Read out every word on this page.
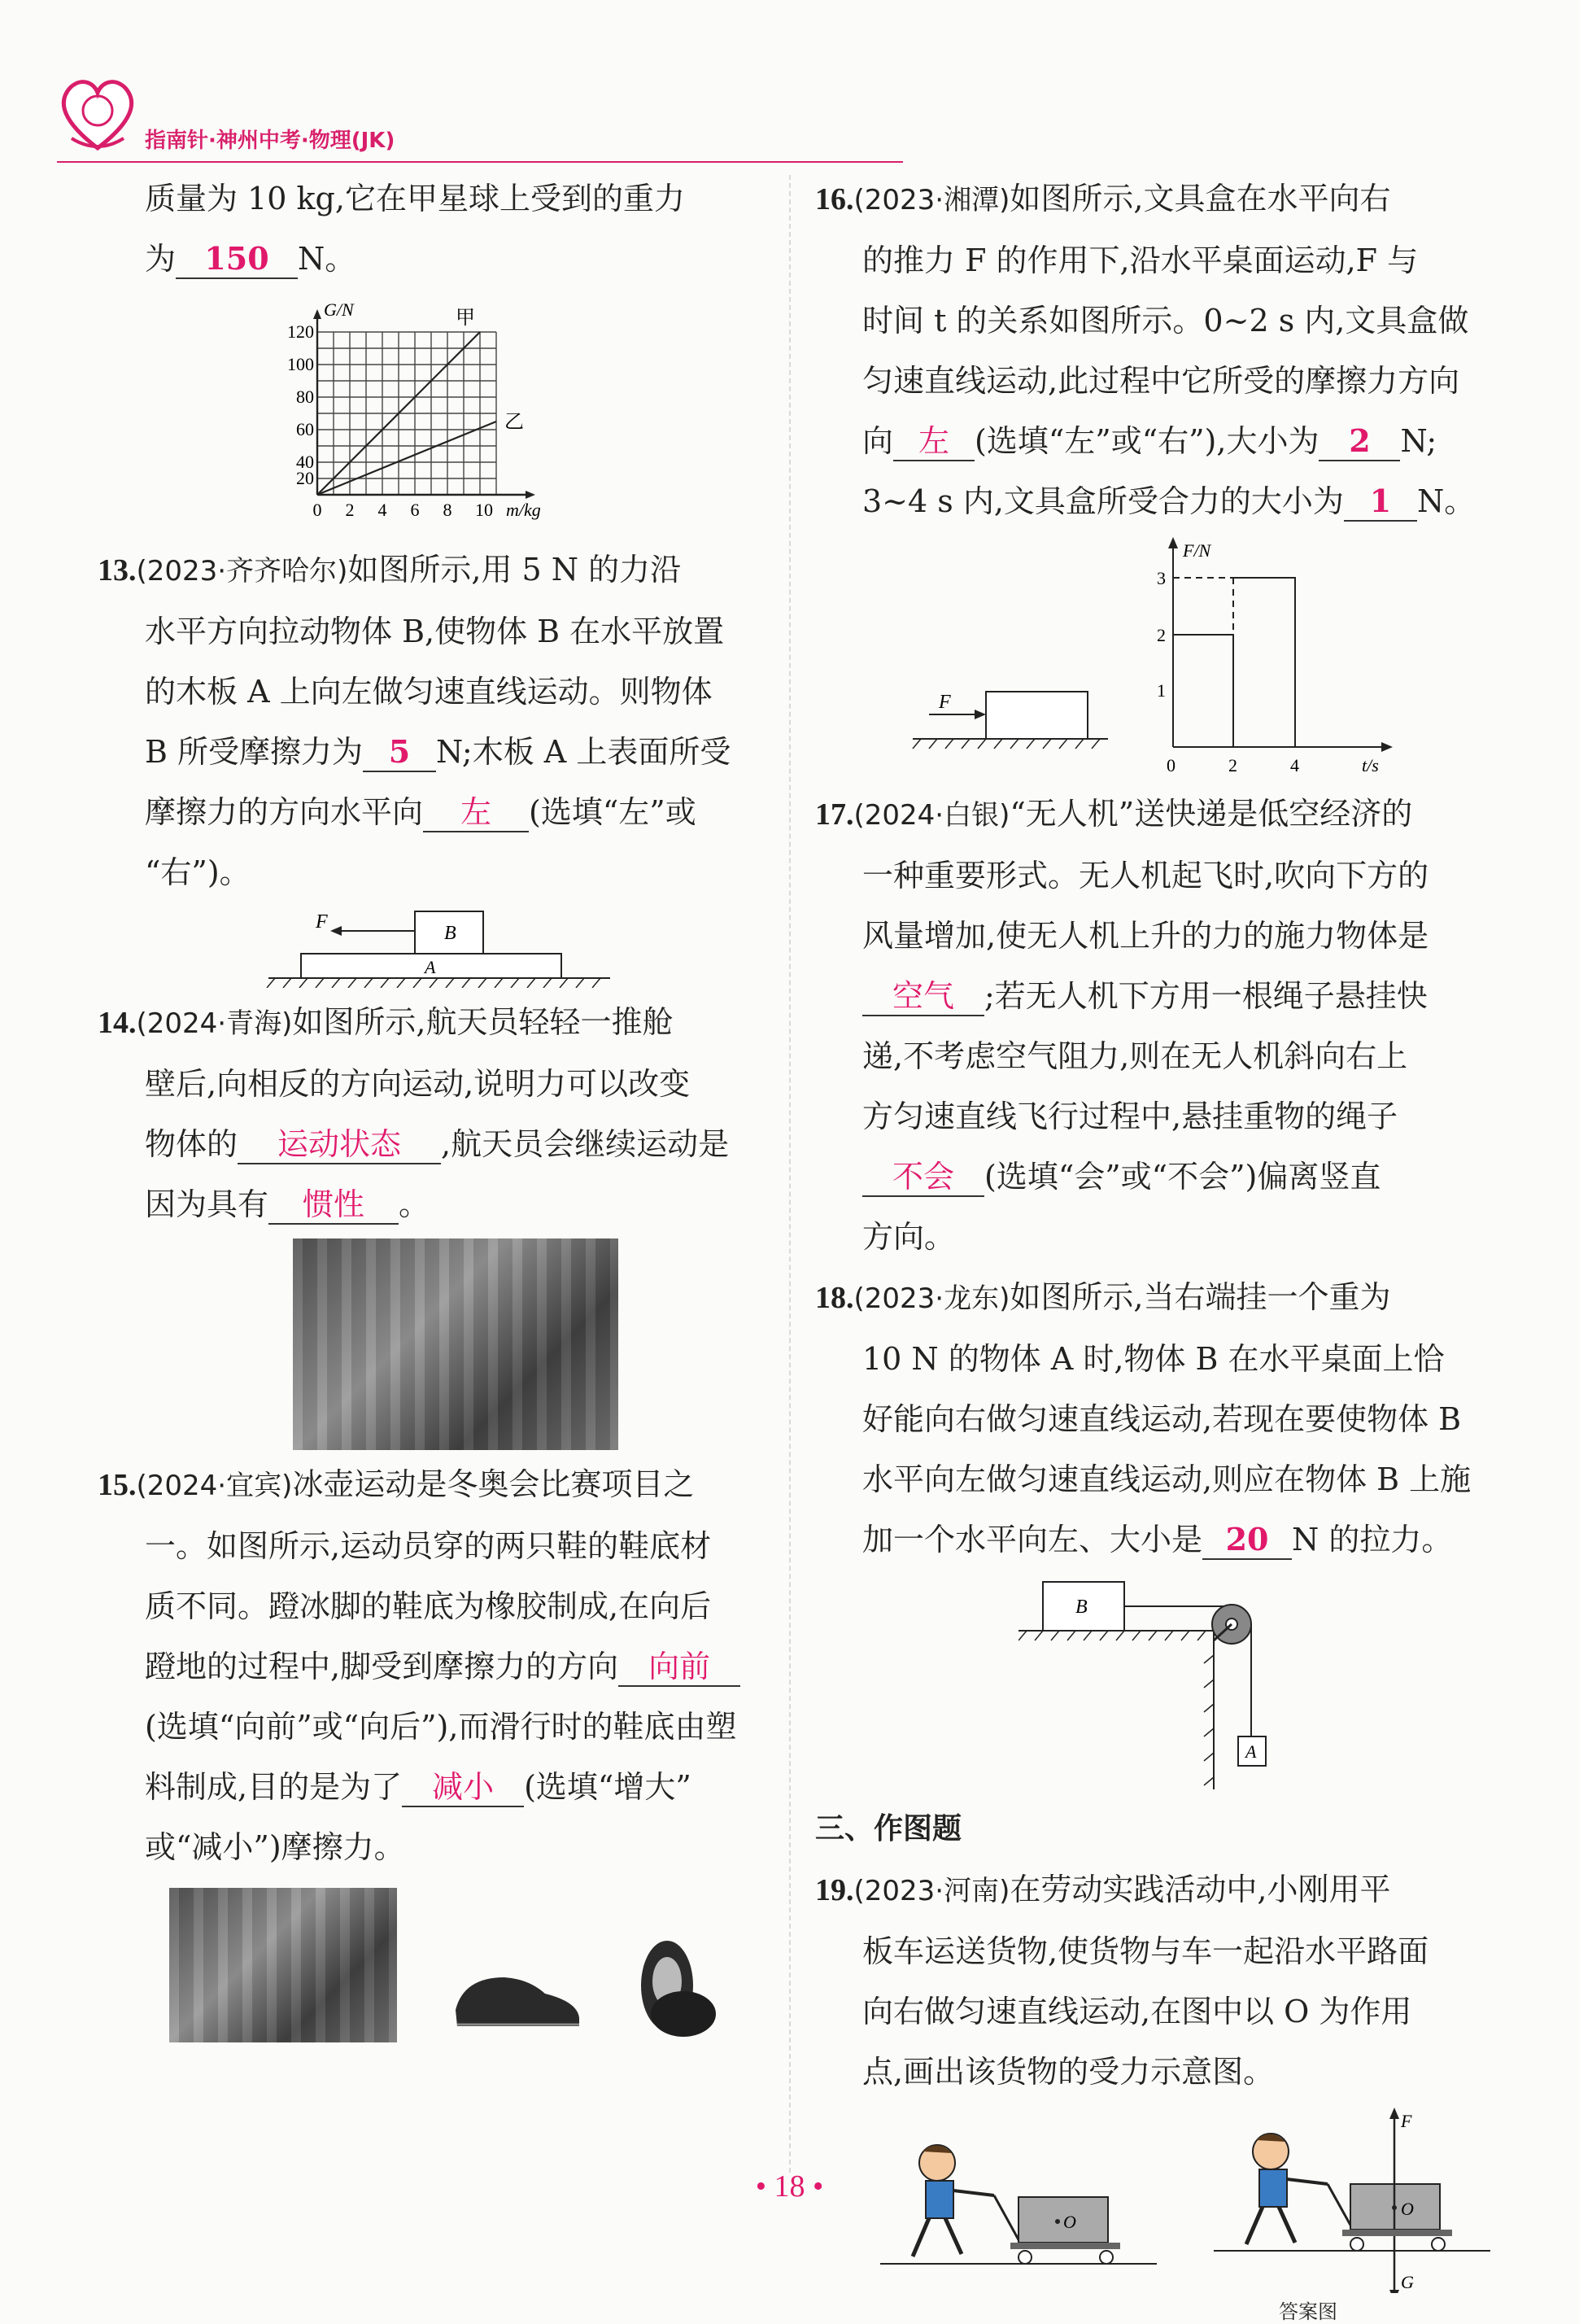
指南针·神州中考·物理(JK)

质量为 10 kg,它在甲星球上受到的重力

为 150 N。

G/N	甲
乙
120
100
80
60
40
20
0 2 4 6 8 10 m/kg

13.(2023·齐齐哈尔)如图所示,用 5 N 的力沿

水平方向拉动物体 B,使物体 B 在水平放置

的木板 A 上向左做匀速直线运动。则物体

B 所受摩擦力为 5 N;木板 A 上表面所受

摩擦力的方向水平向 左 (选填“左”或

“右”)。

F
B
A

14.(2024·青海)如图所示,航天员轻轻一推舱

壁后,向相反的方向运动,说明力可以改变

物体的 运动状态 ,航天员会继续运动是

因为具有 惯性 。

15.(2024·宜宾)冰壶运动是冬奥会比赛项目之

一。如图所示,运动员穿的两只鞋的鞋底材

质不同。蹬冰脚的鞋底为橡胶制成,在向后

蹬地的过程中,脚受到摩擦力的方向 向前

(选填“向前”或“向后”),而滑行时的鞋底由塑

料制成,目的是为了 减小 (选填“增大”

或“减小”)摩擦力。

16.(2023·湘潭)如图所示,文具盒在水平向右

的推力 F 的作用下,沿水平桌面运动,F 与

时间 t 的关系如图所示。0~2 s 内,文具盒做

匀速直线运动,此过程中它所受的摩擦力方向

向 左 (选填“左”或“右”),大小为 2 N;

3~4 s 内,文具盒所受合力的大小为 1 N。

F
F/N
3
2
1
0	2	4	t/s

17.(2024·白银)“无人机”送快递是低空经济的

一种重要形式。无人机起飞时,吹向下方的

风量增加,使无人机上升的力的施力物体是

空气 ;若无人机下方用一根绳子悬挂快

递,不考虑空气阻力,则在无人机斜向右上

方匀速直线飞行过程中,悬挂重物的绳子

不会 (选填“会”或“不会”)偏离竖直

方向。

18.(2023·龙东)如图所示,当右端挂一个重为

10 N 的物体 A 时,物体 B 在水平桌面上恰

好能向右做匀速直线运动,若现在要使物体 B

水平向左做匀速直线运动,则应在物体 B 上施

加一个水平向左、大小是 20 N 的拉力。

B
A

三、作图题

19.(2023·河南)在劳动实践活动中,小刚用平

板车运送货物,使货物与车一起沿水平路面

向右做匀速直线运动,在图中以 O 为作用

点,画出该货物的受力示意图。

O
F
G
O
答案图
• 18 •
